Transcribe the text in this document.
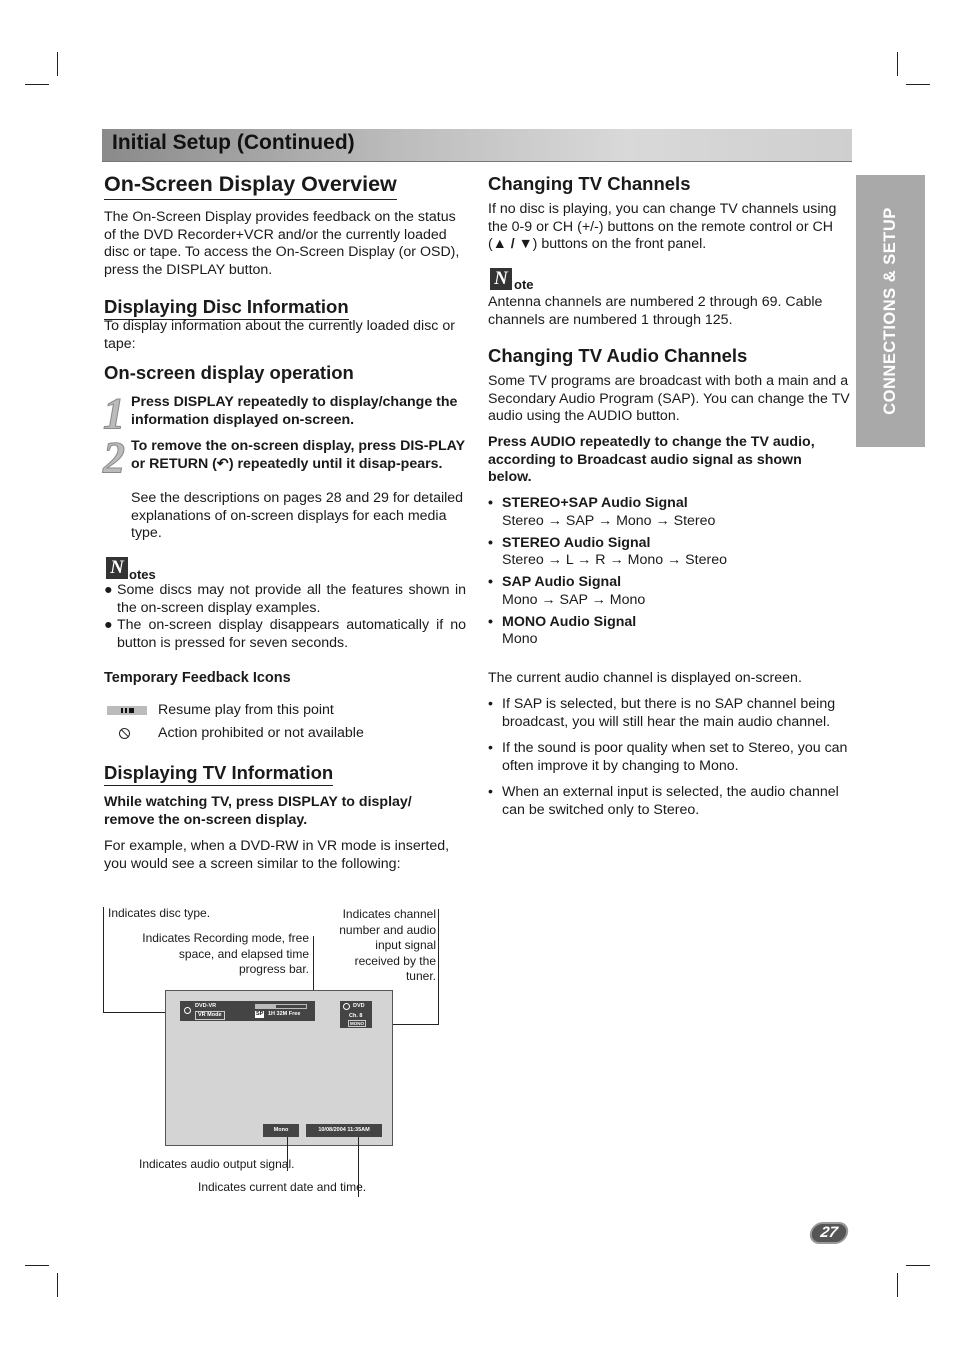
Initial Setup (Continued)
CONNECTIONS & SETUP
On-Screen Display Overview

The On-Screen Display provides feedback on the status of the DVD Recorder+VCR and/or the currently loaded disc or tape. To access the On-Screen Display (or OSD), press the DISPLAY button.

Displaying Disc Information

To display information about the currently loaded disc or tape:

On-screen display operation
1 Press DISPLAY repeatedly to display/change the information displayed on-screen.

2 To remove the on-screen display, press DIS-PLAY or RETURN (↶) repeatedly until it disap-pears.

See the descriptions on pages 28 and 29 for detailed explanations of on-screen displays for each media type.

N otes
● Some discs may not provide all the features shown in the on-screen display examples.
● The on-screen display disappears automatically if no button is pressed for seven seconds.

Temporary Feedback Icons

Resume play from this point

Action prohibited or not available

Displaying TV Information

While watching TV, press DISPLAY to display/ remove the on-screen display.

For example, when a DVD-RW in VR mode is inserted, you would see a screen similar to the following:

Indicates disc type.

Indicates Recording mode, free space, and elapsed time progress bar.

Indicates channel number and audio input signal received by the tuner.

DVD-VR
VR Mode	SP 1H 32M Free
DVD
Ch. 8
MONO
Mono	10/08/2004 11:35AM

Indicates audio output signal.

Indicates current date and time.

Changing TV Channels

If no disc is playing, you can change TV channels using the 0-9 or CH (+/-) buttons on the remote control or CH (▲ / ▼) buttons on the front panel.

N ote

Antenna channels are numbered 2 through 69. Cable channels are numbered 1 through 125.

Changing TV Audio Channels

Some TV programs are broadcast with both a main and a Secondary Audio Program (SAP). You can change the TV audio using the AUDIO button.

Press AUDIO repeatedly to change the TV audio, according to Broadcast audio signal as shown below.

• STEREO+SAP Audio Signal

Stereo → SAP → Mono → Stereo

• STEREO Audio Signal

Stereo → L → R → Mono → Stereo

• SAP Audio Signal

Mono → SAP → Mono

• MONO Audio Signal

Mono

The current audio channel is displayed on-screen.

• If SAP is selected, but there is no SAP channel being broadcast, you will still hear the main audio channel.
• If the sound is poor quality when set to Stereo, you can often improve it by changing to Mono.
• When an external input is selected, the audio channel can be switched only to Stereo.
27
